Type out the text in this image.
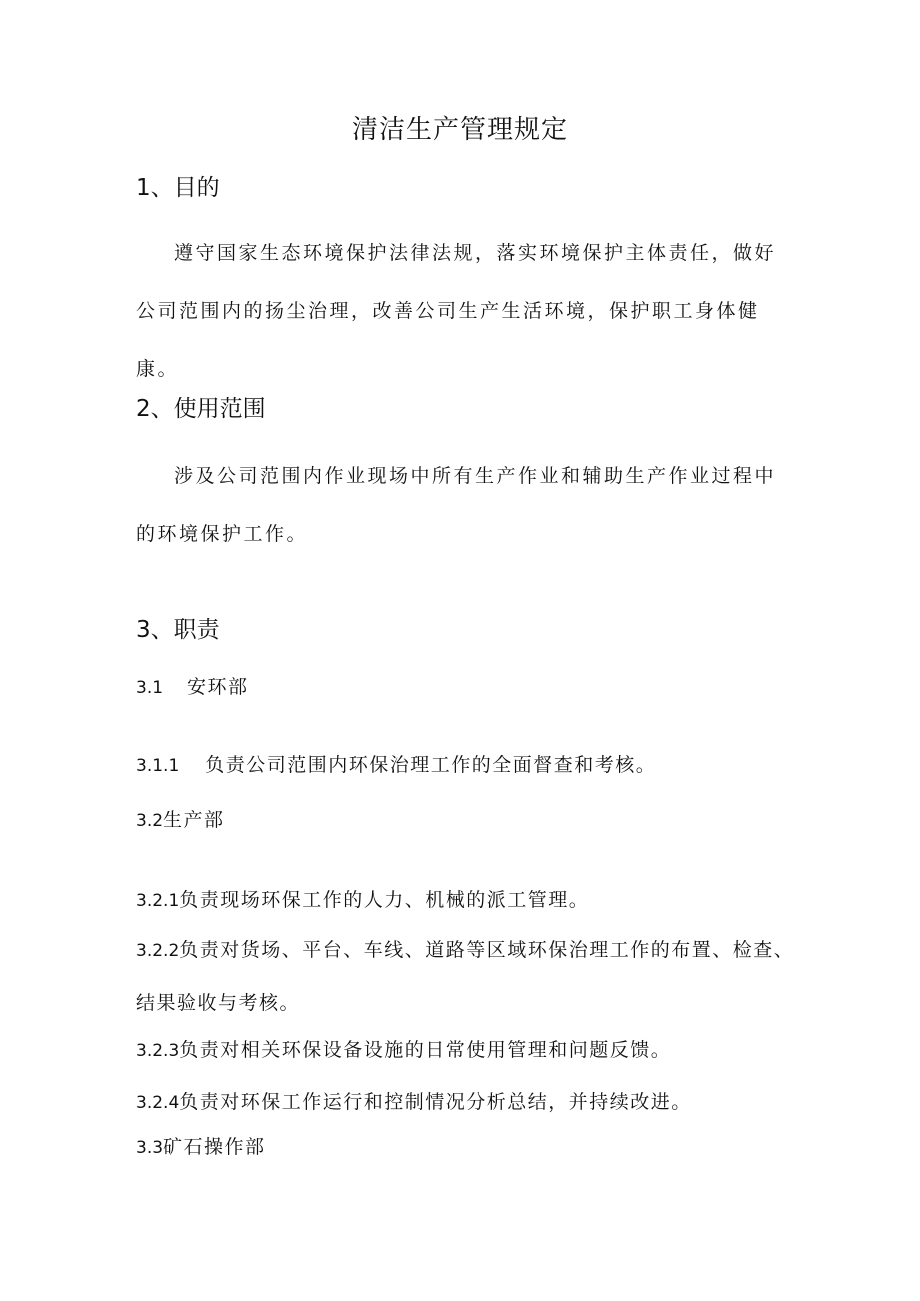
清洁生产管理规定
1、目的

遵守国家生态环境保护法律法规，落实环境保护主体责任，做好公司范围内的扬尘治理，改善公司生产生活环境，保护职工身体健康。

2、使用范围

涉及公司范围内作业现场中所有生产作业和辅助生产作业过程中的环境保护工作。

3、职责
3.1 安环部
3.1.1 负责公司范围内环保治理工作的全面督查和考核。
3.2生产部
3.2.1负责现场环保工作的人力、机械的派工管理。
3.2.2负责对货场、平台、车线、道路等区域环保治理工作的布置、检查、结果验收与考核。
3.2.3负责对相关环保设备设施的日常使用管理和问题反馈。
3.2.4负责对环保工作运行和控制情况分析总结，并持续改进。
3.3矿石操作部
